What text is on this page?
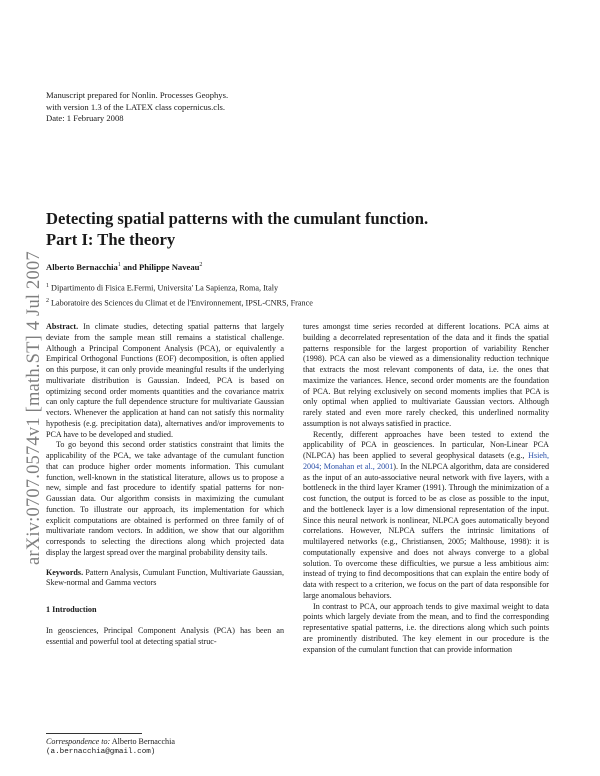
Manuscript prepared for Nonlin. Processes Geophys.
with version 1.3 of the LATEX class copernicus.cls.
Date: 1 February 2008
arXiv:0707.0574v1 [math.ST] 4 Jul 2007
Detecting spatial patterns with the cumulant function.
Part I: The theory
Alberto Bernacchia$^1$ and Philippe Naveau$^2$
$^1$ Dipartimento di Fisica E.Fermi, Universita' La Sapienza, Roma, Italy
$^2$ Laboratoire des Sciences du Climat et de l'Environnement, IPSL-CNRS, France

Abstract. In climate studies, detecting spatial patterns that largely deviate from the sample mean still remains a statistical challenge. Although a Principal Component Analysis (PCA), or equivalently a Empirical Orthogonal Functions (EOF) decomposition, is often applied on this purpose, it can only provide meaningful results if the underlying multivariate distribution is Gaussian. Indeed, PCA is based on optimizing second order moments quantities and the covariance matrix can only capture the full dependence structure for multivariate Gaussian vectors. Whenever the application at hand can not satisfy this normality hypothesis (e.g. precipitation data), alternatives and/or improvements to PCA have to be developed and studied.

To go beyond this second order statistics constraint that limits the applicability of the PCA, we take advantage of the cumulant function that can produce higher order moments information. This cumulant function, well-known in the statistical literature, allows us to propose a new, simple and fast procedure to identify spatial patterns for non-Gaussian data. Our algorithm consists in maximizing the cumulant function. To illustrate our approach, its implementation for which explicit computations are obtained is performed on three family of of multivariate random vectors. In addition, we show that our algorithm corresponds to selecting the directions along which projected data display the largest spread over the marginal probability density tails.

Keywords. Pattern Analysis, Cumulant Function, Multivariate Gaussian, Skew-normal and Gamma vectors

1 Introduction

In geosciences, Principal Component Analysis (PCA) has been an essential and powerful tool at detecting spatial struc-

Correspondence to: Alberto Bernacchia
(a.bernacchia@gmail.com)

tures amongst time series recorded at different locations. PCA aims at building a decorrelated representation of the data and it finds the spatial patterns responsible for the largest proportion of variability Rencher (1998). PCA can also be viewed as a dimensionality reduction technique that extracts the most relevant components of data, i.e. the ones that maximize the variances. Hence, second order moments are the foundation of PCA. But relying exclusively on second moments implies that PCA is only optimal when applied to multivariate Gaussian vectors. Although rarely stated and even more rarely checked, this underlined normality assumption is not always satisfied in practice.

Recently, different approaches have been tested to extend the applicability of PCA in geosciences. In particular, Non-Linear PCA (NLPCA) has been applied to several geophysical datasets (e.g., Hsieh, 2004; Monahan et al., 2001). In the NLPCA algorithm, data are considered as the input of an auto-associative neural network with five layers, with a bottleneck in the third layer Kramer (1991). Through the minimization of a cost function, the output is forced to be as close as possible to the input, and the bottleneck layer is a low dimensional representation of the input. Since this neural network is nonlinear, NLPCA goes automatically beyond correlations. However, NLPCA suffers the intrinsic limitations of multilayered networks (e.g., Christiansen, 2005; Malthouse, 1998): it is computationally expensive and does not always converge to a global solution. To overcome these difficulties, we pursue a less ambitious aim: instead of trying to find decompositions that can explain the entire body of data with respect to a criterion, we focus on the part of data responsible for large anomalous behaviors.

In contrast to PCA, our approach tends to give maximal weight to data points which largely deviate from the mean, and to find the corresponding representative spatial patterns, i.e. the directions along which such points are prominently distributed. The key element in our procedure is the expansion of the cumulant function that can provide information
